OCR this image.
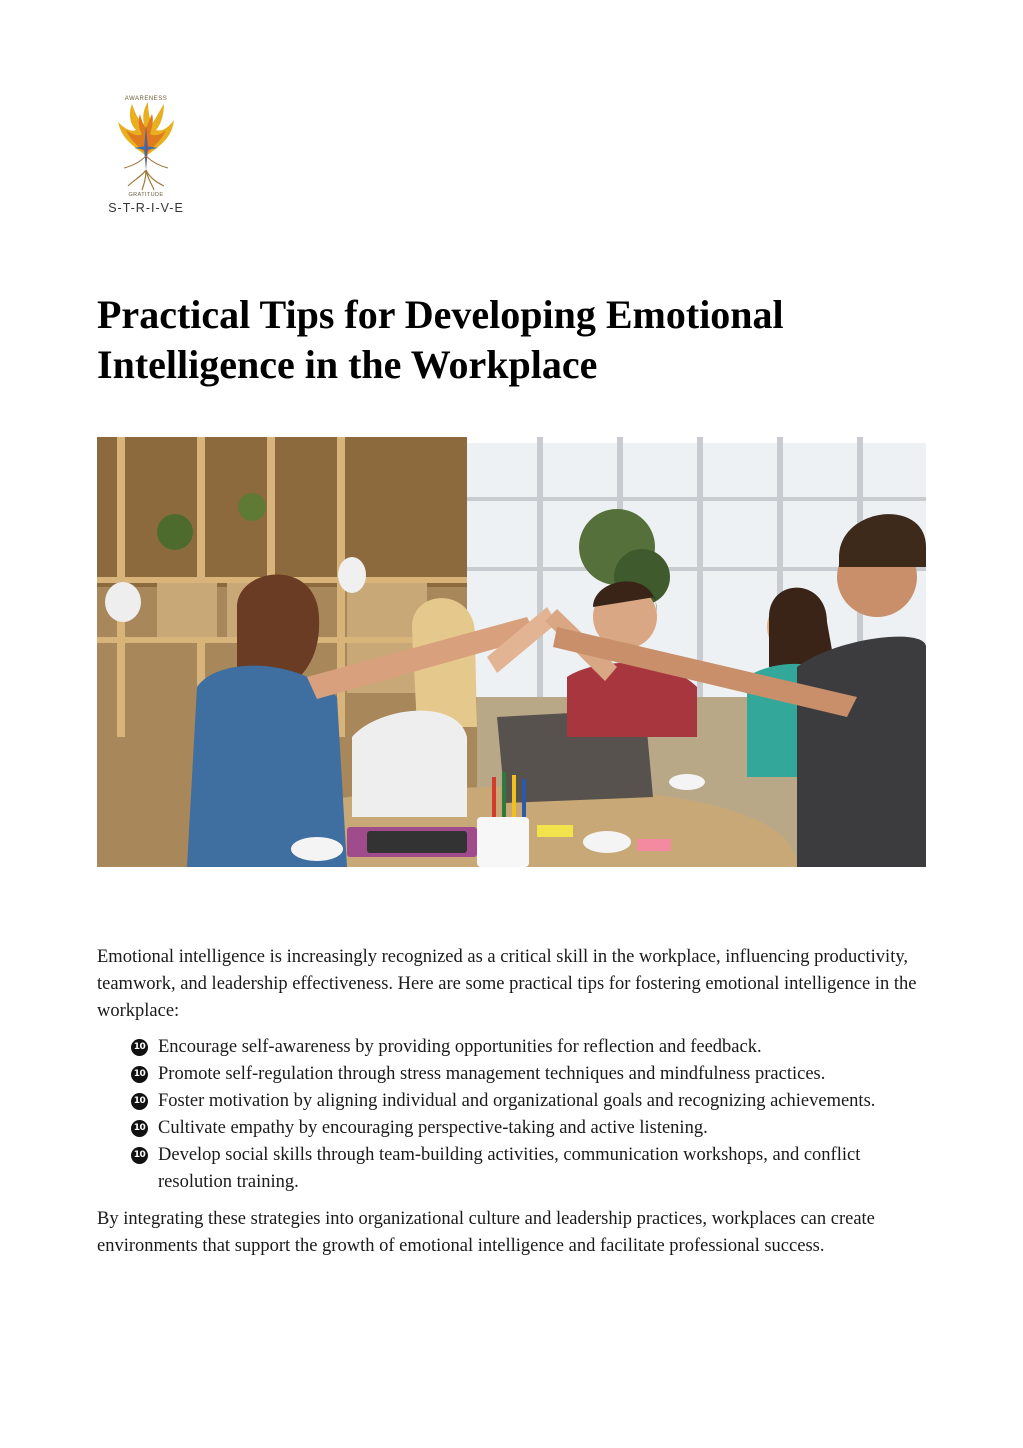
AWARENESS
GRATITUDE
S-T-R-I-V-E
Practical Tips for Developing Emotional Intelligence in the Workplace

Emotional intelligence is increasingly recognized as a critical skill in the workplace, influencing productivity, teamwork, and leadership effectiveness. Here are some practical tips for fostering emotional intelligence in the workplace:

10 Encourage self-awareness by providing opportunities for reflection and feedback.
10 Promote self-regulation through stress management techniques and mindfulness practices.
10 Foster motivation by aligning individual and organizational goals and recognizing achievements.
10 Cultivate empathy by encouraging perspective-taking and active listening.
10 Develop social skills through team-building activities, communication workshops, and conflict resolution training.

By integrating these strategies into organizational culture and leadership practices, workplaces can create environments that support the growth of emotional intelligence and facilitate professional success.
